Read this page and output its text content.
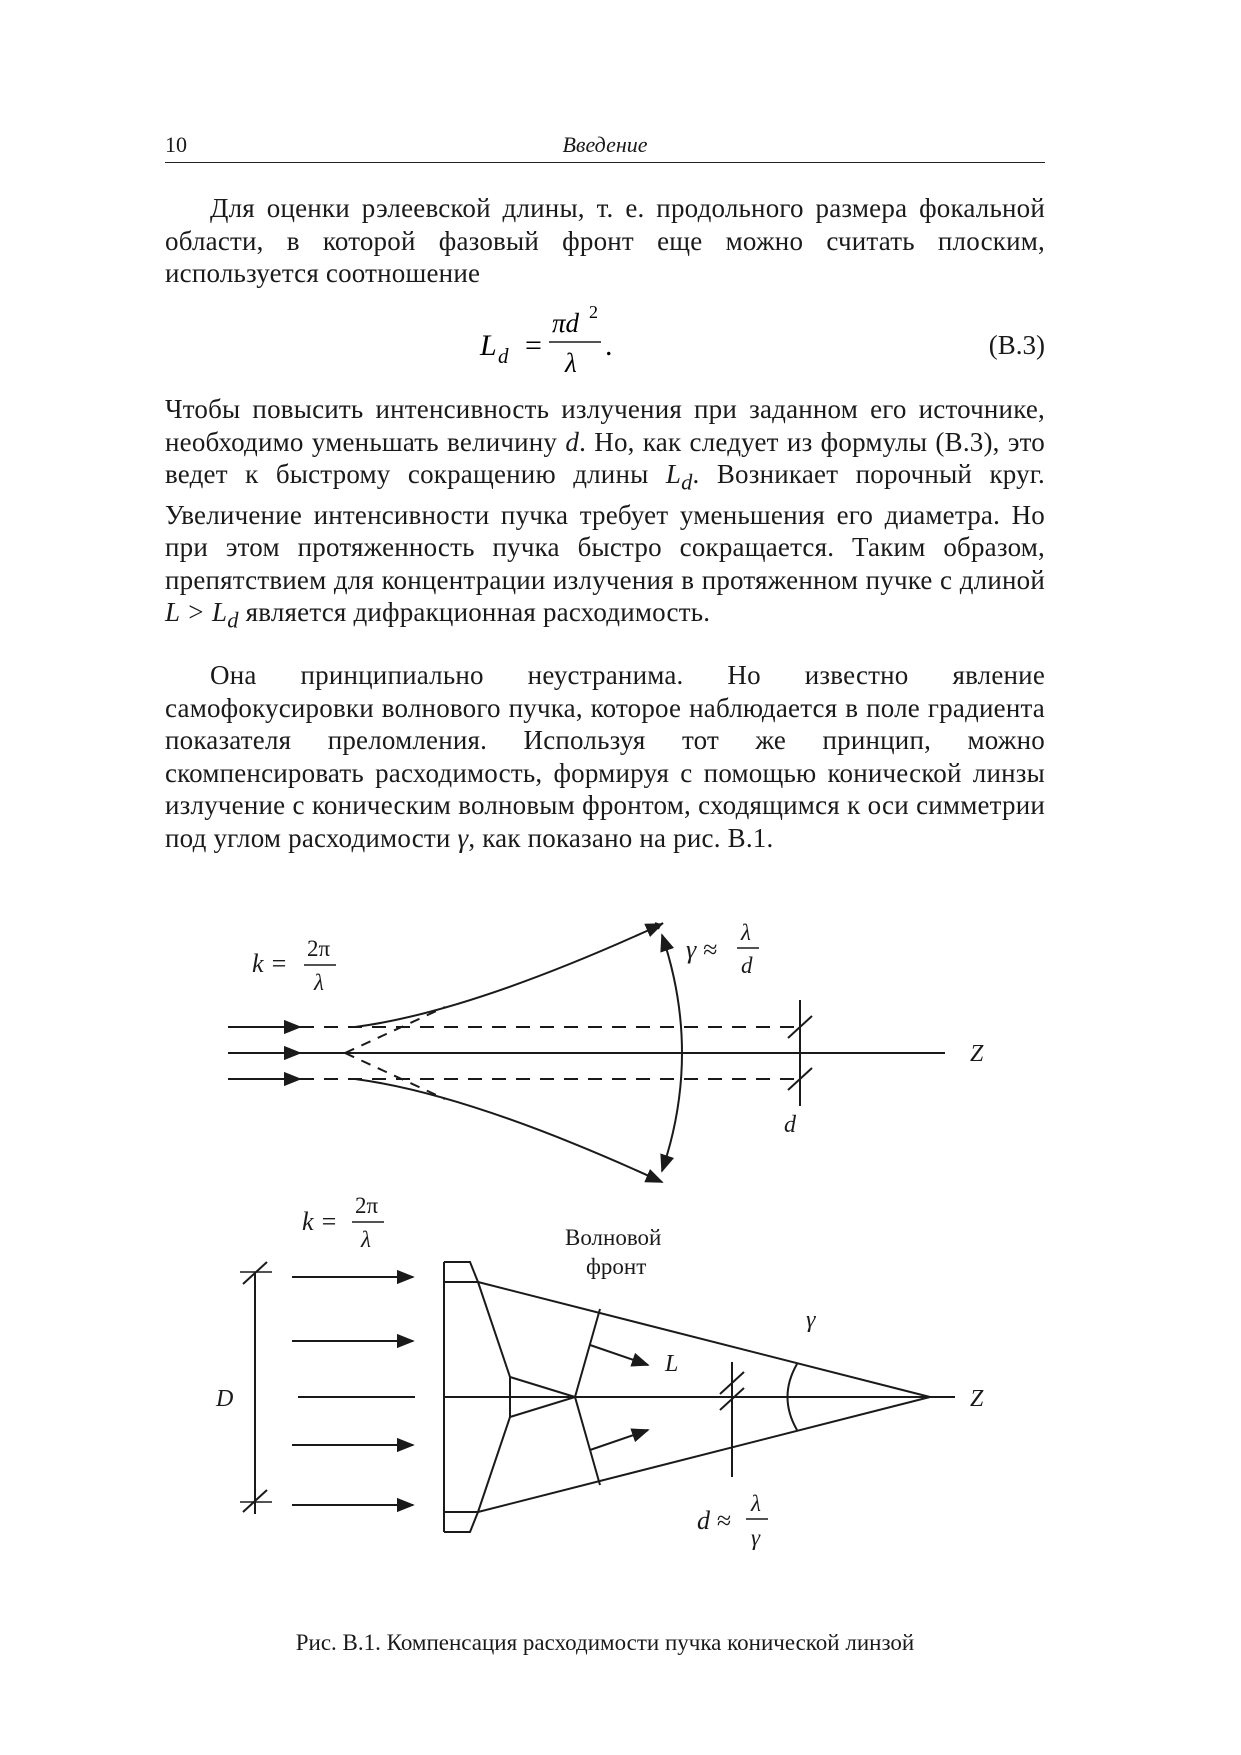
10	Введение
Для оценки рэлеевской длины, т. е. продольного размера фокальной области, в которой фазовый фронт еще можно считать плоским, используется соотношение
L d =
πd 2
λ
.	(В.3)
Чтобы повысить интенсивность излучения при заданном его источнике, необходимо уменьшать величину d. Но, как следует из формулы (В.3), это ведет к быстрому сокращению длины $L_d$. Возникает порочный круг. Увеличение интенсивности пучка требует уменьшения его диаметра. Но при этом протяженность пучка быстро сокращается. Таким образом, препятствием для концентрации излучения в протяженном пучке с длиной $L > L_d$ является дифракционная расходимость.
Она принципиально неустранима. Но известно явление самофокусировки волнового пучка, которое наблюдается в поле градиента показателя преломления. Используя тот же принцип, можно скомпенсировать расходимость, формируя с помощью конической линзы излучение с коническим волновым фронтом, сходящимся к оси симметрии под углом расходимости γ, как показано на рис. В.1.
k =
2π
λ
γ ≈
λ
d
Z
d
k =
2π
λ	Волновой
фронт
γ
L
Z
D
d ≈
λ
γ
Рис. В.1. Компенсация расходимости пучка конической линзой
